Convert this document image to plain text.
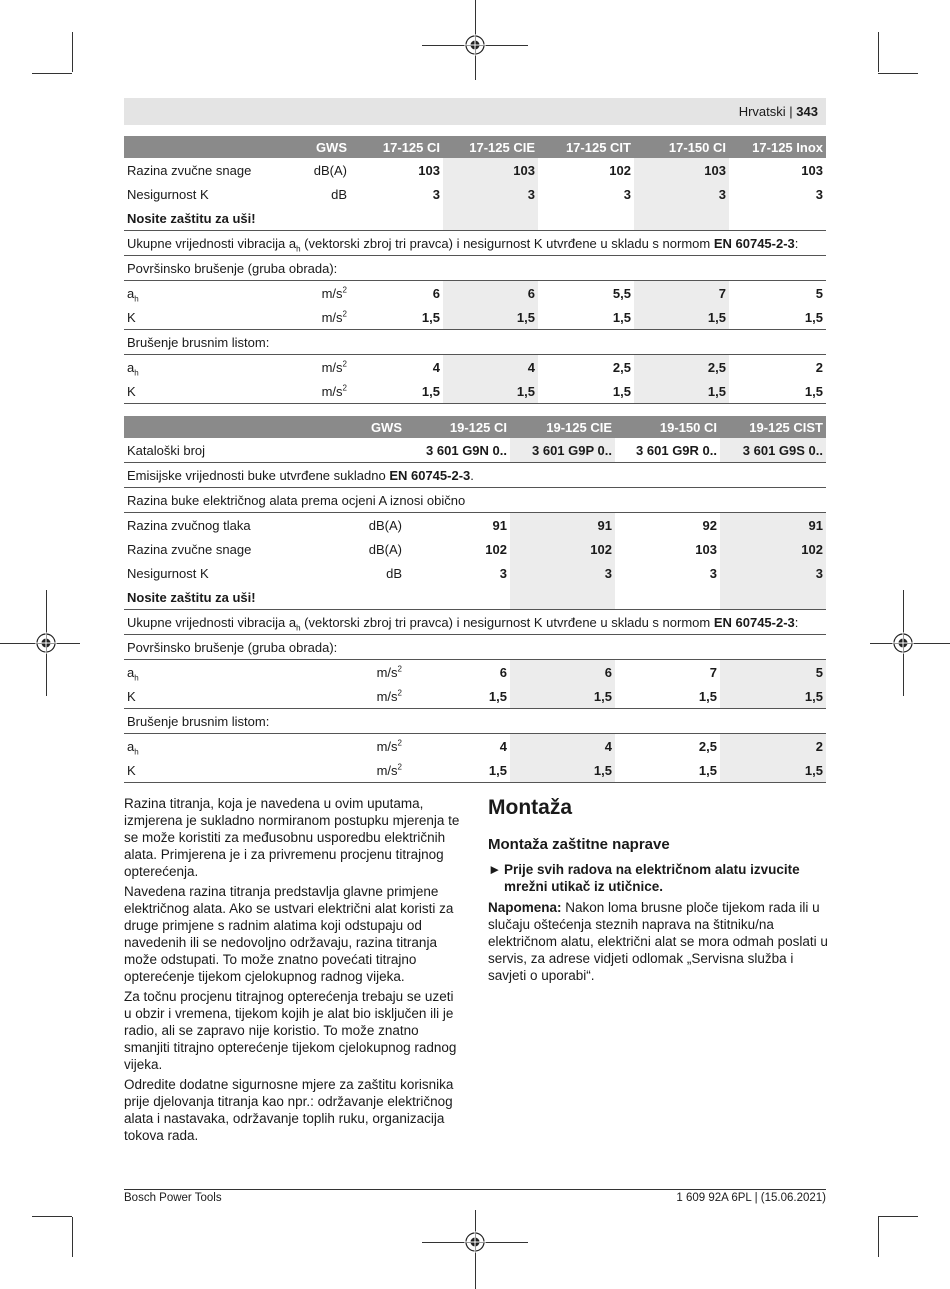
Hrvatski | 343
	GWS	17-125 CI	17-125 CIE	17-125 CIT	17-150 CI	17-125 Inox
Razina zvučne snage	dB(A)	103	103	102	103	103
Nesigurnost K	dB	3	3	3	3	3
Nosite zaštitu za uši!						
Ukupne vrijednosti vibracija $a_h$ (vektorski zbroj tri pravca) i nesigurnost K utvrđene u skladu s normom EN 60745-2-3:						
Površinsko brušenje (gruba obrada):						
$a_h$	$m/s^2$	6	6	5,5	7	5
K	$m/s^2$	1,5	1,5	1,5	1,5	1,5
Brušenje brusnim listom:						
$a_h$	$m/s^2$	4	4	2,5	2,5	2
K	$m/s^2$	1,5	1,5	1,5	1,5	1,5
	GWS	19-125 CI	19-125 CIE	19-150 CI	19-125 CIST
Kataloški broj		3 601 G9N 0..	3 601 G9P 0..	3 601 G9R 0..	3 601 G9S 0..
Emisijske vrijednosti buke utvrđene sukladno EN 60745-2-3.					
Razina buke električnog alata prema ocjeni A iznosi obično					
Razina zvučnog tlaka	dB(A)	91	91	92	91
Razina zvučne snage	dB(A)	102	102	103	102
Nesigurnost K	dB	3	3	3	3
Nosite zaštitu za uši!					
Ukupne vrijednosti vibracija $a_h$ (vektorski zbroj tri pravca) i nesigurnost K utvrđene u skladu s normom EN 60745-2-3:					
Površinsko brušenje (gruba obrada):					
$a_h$	$m/s^2$	6	6	7	5
K	$m/s^2$	1,5	1,5	1,5	1,5
Brušenje brusnim listom:					
$a_h$	$m/s^2$	4	4	2,5	2
K	$m/s^2$	1,5	1,5	1,5	1,5

Razina titranja, koja je navedena u ovim uputama, izmjerena je sukladno normiranom postupku mjerenja te se može koristiti za međusobnu usporedbu električnih alata. Primjerena je i za privremenu procjenu titrajnog opterećenja.

Navedena razina titranja predstavlja glavne primjene električnog alata. Ako se ustvari električni alat koristi za druge primjene s radnim alatima koji odstupaju od navedenih ili se nedovoljno održavaju, razina titranja može odstupati. To može znatno povećati titrajno opterećenje tijekom cjelokupnog radnog vijeka.

Za točnu procjenu titrajnog opterećenja trebaju se uzeti u obzir i vremena, tijekom kojih je alat bio isključen ili je radio, ali se zapravo nije koristio. To može znatno smanjiti titrajno opterećenje tijekom cjelokupnog radnog vijeka.

Odredite dodatne sigurnosne mjere za zaštitu korisnika prije djelovanja titranja kao npr.: održavanje električnog alata i nastavaka, održavanje toplih ruku, organizacija tokova rada.

Montaža
Montaža zaštitne naprave
► Prije svih radova na električnom alatu izvucite mrežni utikač iz utičnice.

Napomena: Nakon loma brusne ploče tijekom rada ili u slučaju oštećenja steznih naprava na štitniku/na električnom alatu, električni alat se mora odmah poslati u servis, za adrese vidjeti odlomak „Servisna služba i savjeti o uporabi“.

Bosch Power Tools	1 609 92A 6PL | (15.06.2021)
